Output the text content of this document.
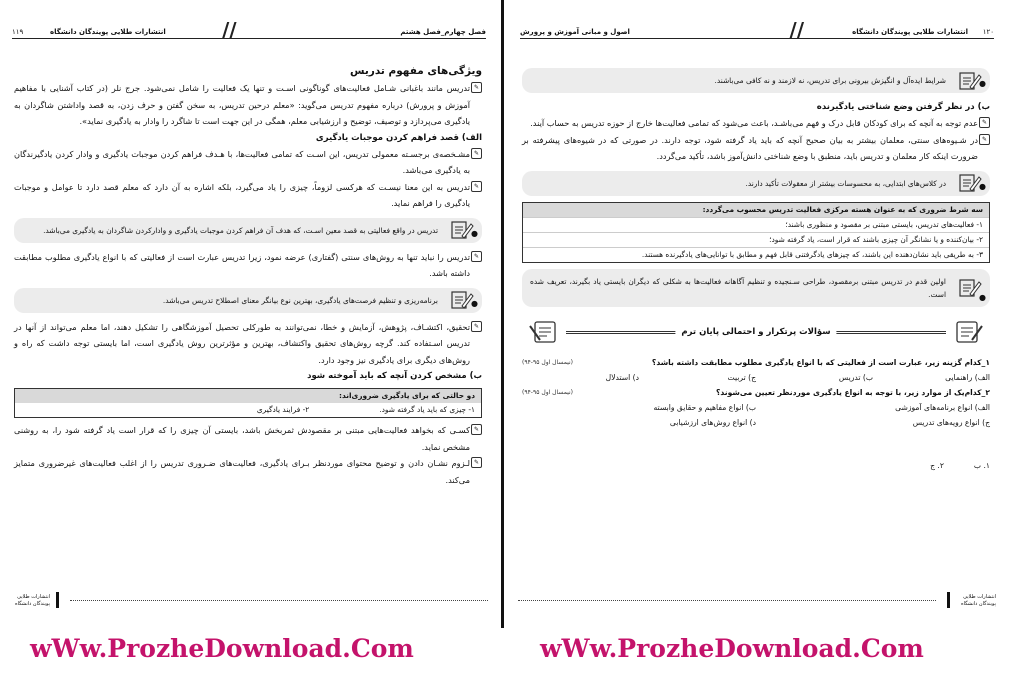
۱۱۹	انتشارات طلایی پویندگان دانشگاه	//	فصل چهارم_فصل هشتم
ویژگی‌های مفهوم تدریس
✎
تدریس مانند باغبانی شـامل فعالیت‌های گوناگونی اسـت و تنها یک فعالیت را شامل نمی‌شود. جرج نلر (در کتاب آشنایی با مفاهیم آموزش و پرورش) درباره مفهوم تدریس می‌گوید: «معلم درحین تدریس، به سخن گفتن و حرف زدن، به قصد واداشتن شاگردان به یادگیری می‌پردازد و توصیف، توضیح و ارزشیابی معلم، همگی در این جهت است تا شاگرد را وادار به یادگیری نماید».
الف) قصد فراهم کردن موجبات یادگیری
✎
مشـخصه‌ی برجسـته معمولی تدریس، این اسـت که تمامی فعالیت‌ها، با هـدف فراهم کردن موجبات یادگیری و وادار کردن یادگیرندگان به یادگیری می‌باشد.
✎
تدریس به این معنا نیسـت که هرکسی لزوماً، چیزی را یاد می‌گیرد، بلکه اشاره به آن دارد که معلم قصد دارد تا عوامل و موجبات یادگیری را فراهم نماید.
تدریس در واقع فعالیتی به قصد معین اسـت، که هدف آن فراهم کردن موجبات یادگیری و وادارکردن شاگردان به یادگیری می‌باشد.	●
✎
تدریس را نباید تنها به روش‌های سنتی (گفتاری) عرضه نمود، زیرا تدریس عبارت است از فعالیتی که با انواع یادگیری مطلوب مطابقت داشته باشد.
برنامه‌ریزی و تنظیم فرصت‌های یادگیری، بهترین نوع بیانگر معنای اصطلاح تدریس می‌باشد.	●
✎
تحقیق، اکتشـاف، پژوهش، آزمایش و خطا، نمی‌توانند به طورکلی تحصیل آموزشگاهی را تشکیل دهند، اما معلم می‌تواند از آنها در تدریس اسـتفاده کند. گرچه روش‌های تحقیق واکتشاف، بهترین و مؤثرترین روش یادگیری است، اما بایستی توجه داشت که راه و روش‌های دیگری برای یادگیری نیز وجود دارد.
ب) مشخص کردن آنچه که باید آموخته شود
دو حالتی که برای یادگیری ضروری‌اند:
۱- چیزی که باید یاد گرفته شود.
۲- فرایند یادگیری
✎
کسـی که بخواهد فعالیت‌هایی مبتنی بر مقصودش ثمربخش باشد، بایستی آن چیزی را که قرار است یاد گرفته شود را، به روشنی مشخص نماید.
✎
لـزوم نشـان دادن و توضیح محتوای موردنظر بـرای یادگیری، فعالیت‌های ضـروری تدریس را از اغلب فعالیت‌های غیرضروری متمایز می‌کند.
انتشارات طلایی پویندگان دانشگاه
اصول و مبانی آموزش و پرورش	//	انتشارات طلایی پویندگان دانشگاه ۱۲۰
شرایط ایده‌آل و انگیزش بیرونی برای تدریس، نه لازمند و نه کافی می‌باشند.	●
ب) در نظر گرفتن وضع شناختی یادگیرنده
✎
عدم توجه به آنچه که برای کودکان قابل درک و فهم می‌باشـد، باعث می‌شود که تمامی فعالیت‌ها خارج از حوزه تدریس به حساب آیند.
✎
در شـیوه‌های سنتی، معلمان بیشتر به بیان صحیح آنچه که باید یاد گرفته شود، توجه دارند. در صورتی که در شیوه‌های پیشرفته بر ضرورت اینکه کار معلمان و تدریس باید، منطبق با وضع شناختی دانش‌آموز باشد، تأکید می‌گردد.
در کلاس‌های ابتدایی، به محسوسات بیشتر از معقولات تأکید دارند.	●
سه شرط ضروری که به عنوان هسته مرکزی فعالیت تدریس محسوب می‌گردد:
۱- فعالیت‌های تدریس، بایستی مبتنی بر مقصود و منظوری باشند؛
۲- بیان‌کننده و یا نشانگر آن چیزی باشند که قرار است، یاد گرفته شود؛
۳- به طریقی باید نشان‌دهنده این باشند، که چیزهای یادگرفتنی قابل فهم و مطابق با توانایی‌های یادگیرنده هستند.
اولین قدم در تدریس مبتنی برمقصود، طراحی سـنجیده و تنظیم آگاهانه فعالیت‌ها به شکلی که دیگران بایستی یاد بگیرند، تعریف شده است.	●
سؤالات پرتکرار و احتمالی پایان ترم
۱_کدام گزینه زیر، عبارت است از فعالیتی که با انواع یادگیری مطلوب مطابقت داشته باشد؟
(نیمسال اول ۹۵-۹۴)
الف) راهنمایی
ب) تدریس
ج) تربیت
د) استدلال
۲_کدام‌یک از موارد زیر، با توجه به انواع یادگیری موردنظر تعیین می‌شوند؟
(نیمسال اول ۹۵-۹۴)
الف) انواع برنامه‌های آموزشی
ب) انواع مفاهیم و حقایق وابسته
ج) انواع رویه‌های تدریس
د) انواع روش‌های ارزشیابی
۱. ب
۲. ج
انتشارات طلایی پویندگان دانشگاه
wWw.ProzheDownload.Com	wWw.ProzheDownload.Com
